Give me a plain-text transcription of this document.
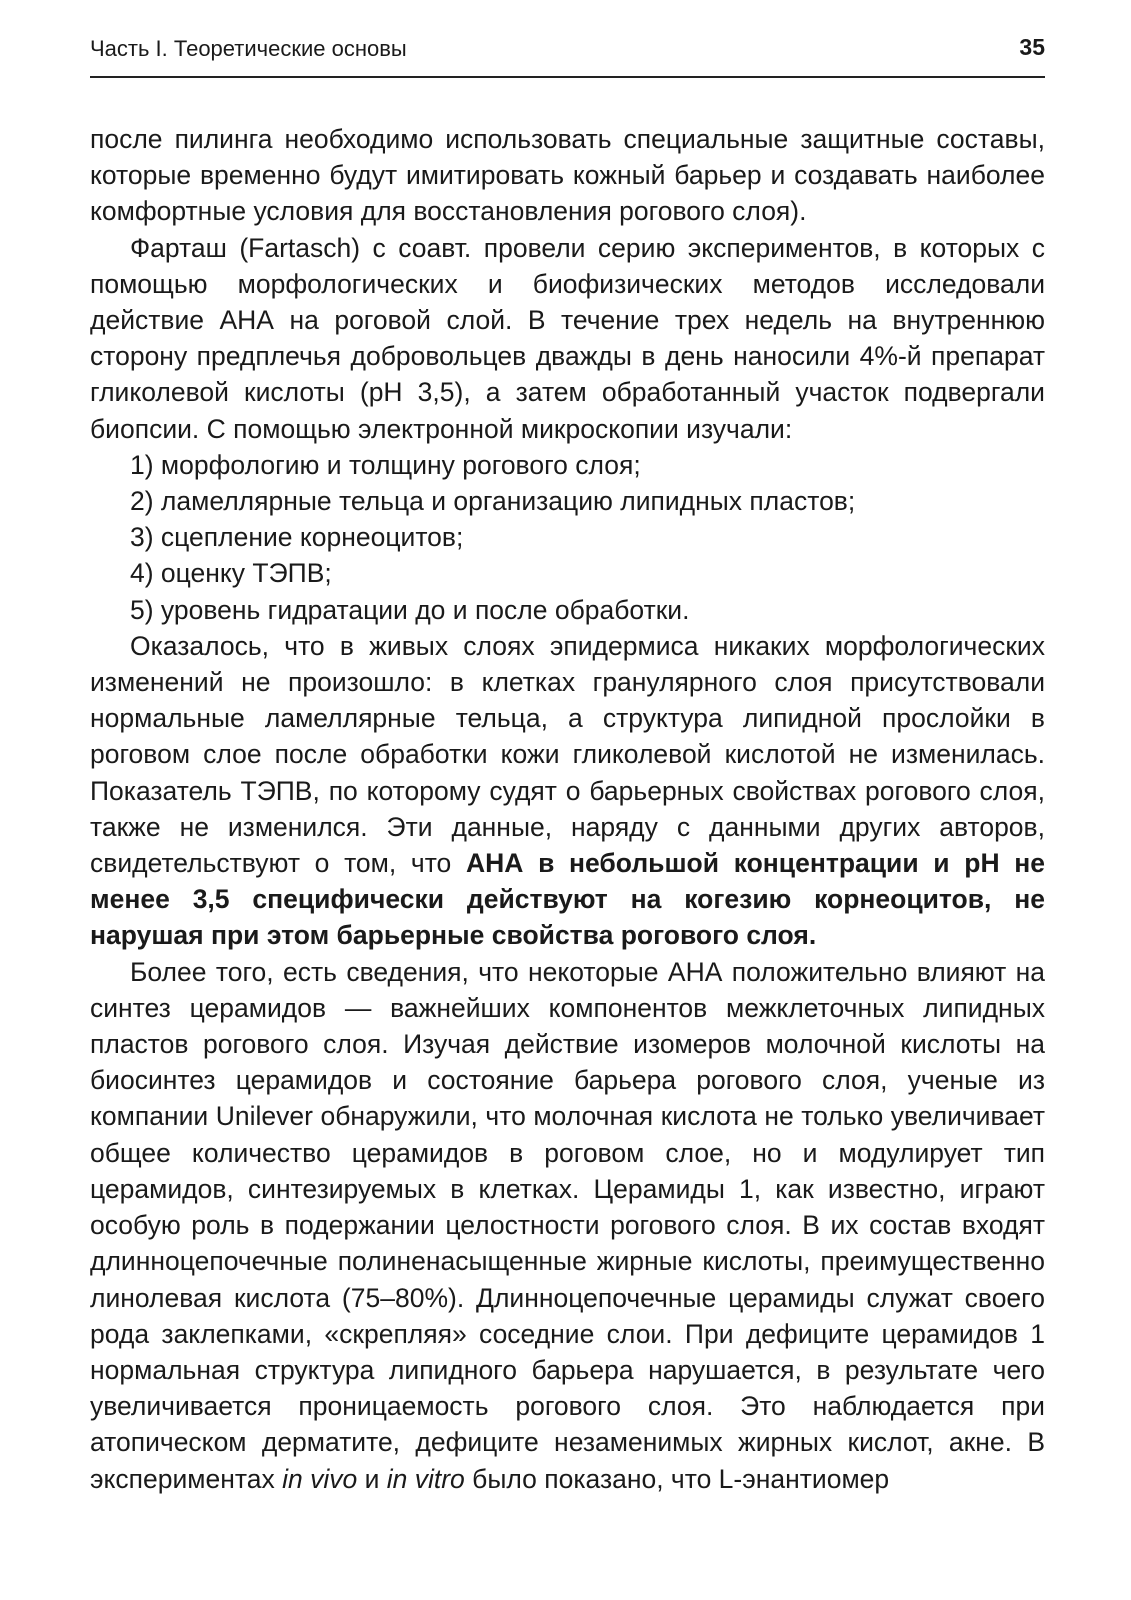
Часть I. Теоретические основы	35

после пилинга необходимо использовать специальные защитные составы, которые временно будут имитировать кожный барьер и создавать наиболее комфортные условия для восстановления рогового слоя).

Фарташ (Fartasch) с соавт. провели серию экспериментов, в которых с помощью морфологических и биофизических методов исследовали действие АНА на роговой слой. В течение трех недель на внутреннюю сторону предплечья добровольцев дважды в день наносили 4%-й препарат гликолевой кислоты (pH 3,5), а затем обработанный участок подвергали биопсии. С помощью электронной микроскопии изучали:

1) морфологию и толщину рогового слоя;

2) ламеллярные тельца и организацию липидных пластов;

3) сцепление корнеоцитов;

4) оценку ТЭПВ;

5) уровень гидратации до и после обработки.

Оказалось, что в живых слоях эпидермиса никаких морфологических изменений не произошло: в клетках гранулярного слоя присутствовали нормальные ламеллярные тельца, а структура липидной прослойки в роговом слое после обработки кожи гликолевой кислотой не изменилась. Показатель ТЭПВ, по которому судят о барьерных свойствах рогового слоя, также не изменился. Эти данные, наряду с данными других авторов, свидетельствуют о том, что АНА в небольшой концентрации и pH не менее 3,5 специфически действуют на когезию корнеоцитов, не нарушая при этом барьерные свойства рогового слоя.

Более того, есть сведения, что некоторые АНА положительно влияют на синтез церамидов — важнейших компонентов межклеточных липидных пластов рогового слоя. Изучая действие изомеров молочной кислоты на биосинтез церамидов и состояние барьера рогового слоя, ученые из компании Unilever обнаружили, что молочная кислота не только увеличивает общее количество церамидов в роговом слое, но и модулирует тип церамидов, синтезируемых в клетках. Церамиды 1, как известно, играют особую роль в подержании целостности рогового слоя. В их состав входят длинноцепочечные полиненасыщенные жирные кислоты, преимущественно линолевая кислота (75–80%). Длинноцепочечные церамиды служат своего рода заклепками, «скрепляя» соседние слои. При дефиците церамидов 1 нормальная структура липидного барьера нарушается, в результате чего увеличивается проницаемость рогового слоя. Это наблюдается при атопическом дерматите, дефиците незаменимых жирных кислот, акне. В экспериментах in vivo и in vitro было показано, что L-энантиомер
